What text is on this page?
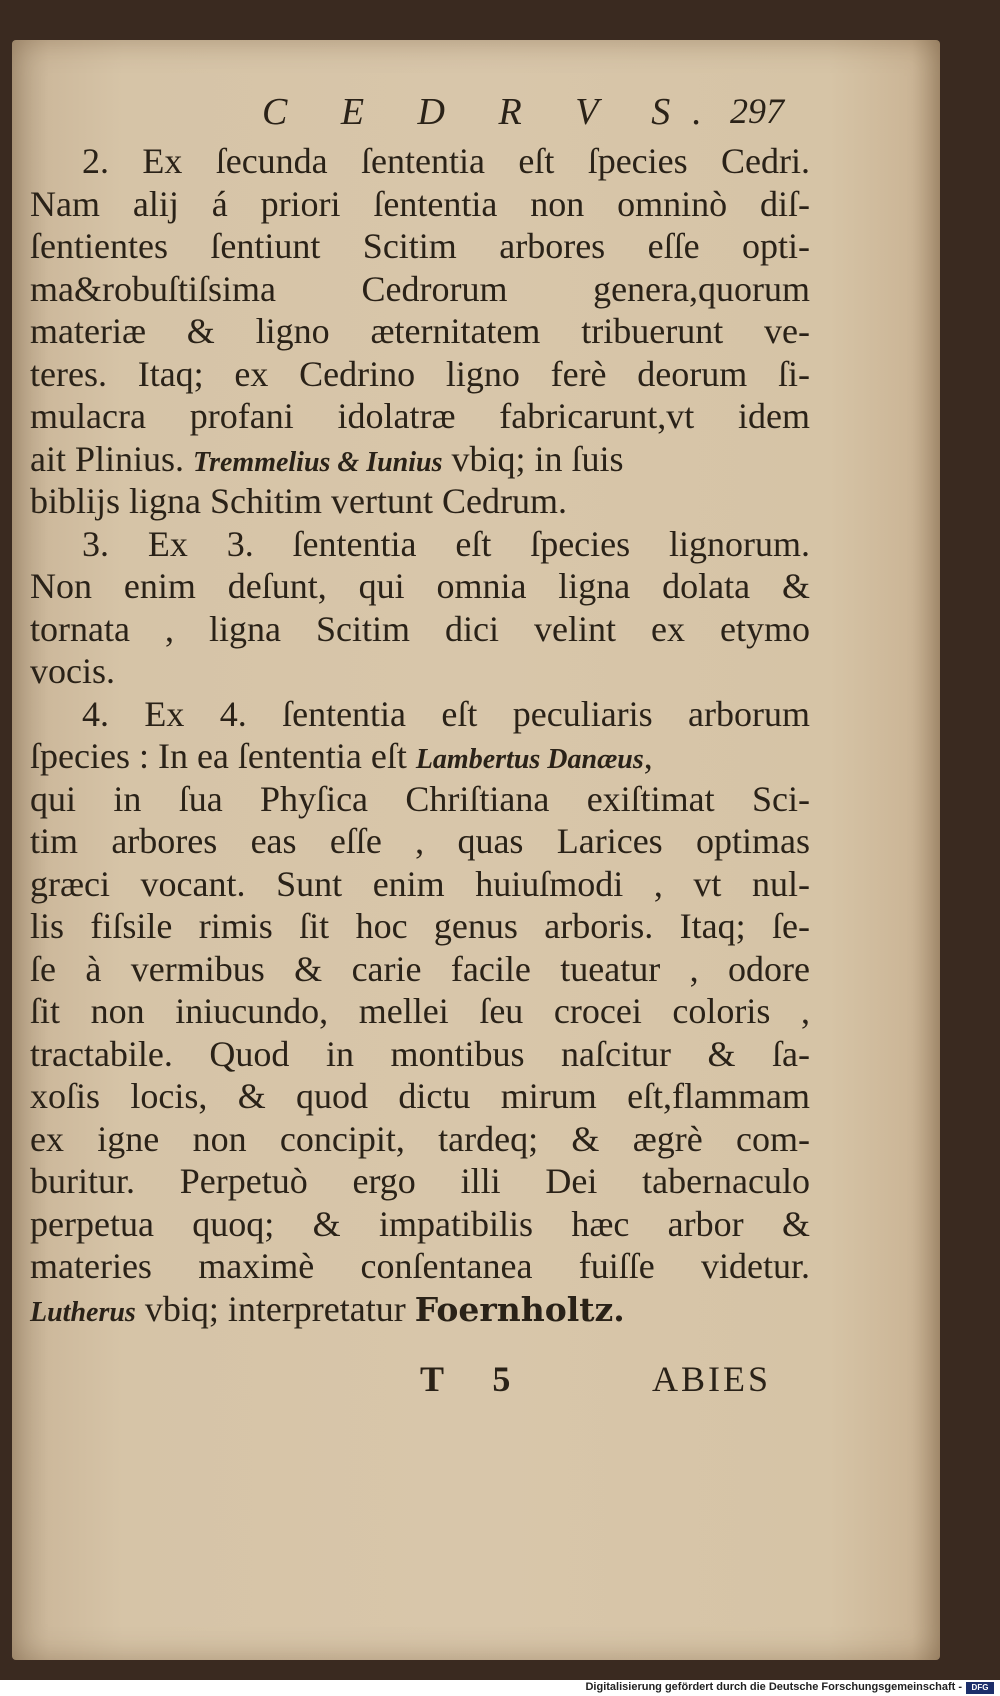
C E D R V S. 297
2. Ex ſecunda ſententia eſt ſpecies Cedri.
Nam alij á priori ſententia non omninò diſ-
ſentientes ſentiunt Scitim arbores eſſe opti-
ma&robuſtiſsima Cedrorum genera,quorum
materiæ & ligno æternitatem tribuerunt ve-
teres. Itaq; ex Cedrino ligno ferè deorum ſi-
mulacra profani idolatræ fabricarunt,vt idem
ait Plinius. Tremmelius & Iunius vbiq; in ſuis
biblijs ligna Schitim vertunt Cedrum.
3. Ex 3. ſententia eſt ſpecies lignorum.
Non enim deſunt, qui omnia ligna dolata &
tornata , ligna Scitim dici velint ex etymo
vocis.
4. Ex 4. ſententia eſt peculiaris arborum
ſpecies : In ea ſententia eſt Lambertus Danæus,
qui in ſua Phyſica Chriſtiana exiſtimat Sci-
tim arbores eas eſſe , quas Larices optimas
græci vocant. Sunt enim huiuſmodi , vt nul-
lis fiſsile rimis ſit hoc genus arboris. Itaq; ſe-
ſe à vermibus & carie facile tueatur , odore
ſit non iniucundo, mellei ſeu crocei coloris ,
tractabile. Quod in montibus naſcitur & ſa-
xoſis locis, & quod dictu mirum eſt,flammam
ex igne non concipit, tardeq; & ægrè com-
buritur. Perpetuò ergo illi Dei tabernaculo
perpetua quoq; & impatibilis hæc arbor &
materies maximè conſentanea fuiſſe videtur.
Lutherus vbiq; interpretatur Foernholtz.
T 5	ABIES
Digitalisierung gefördert durch die Deutsche Forschungsgemeinschaft -	DFG
